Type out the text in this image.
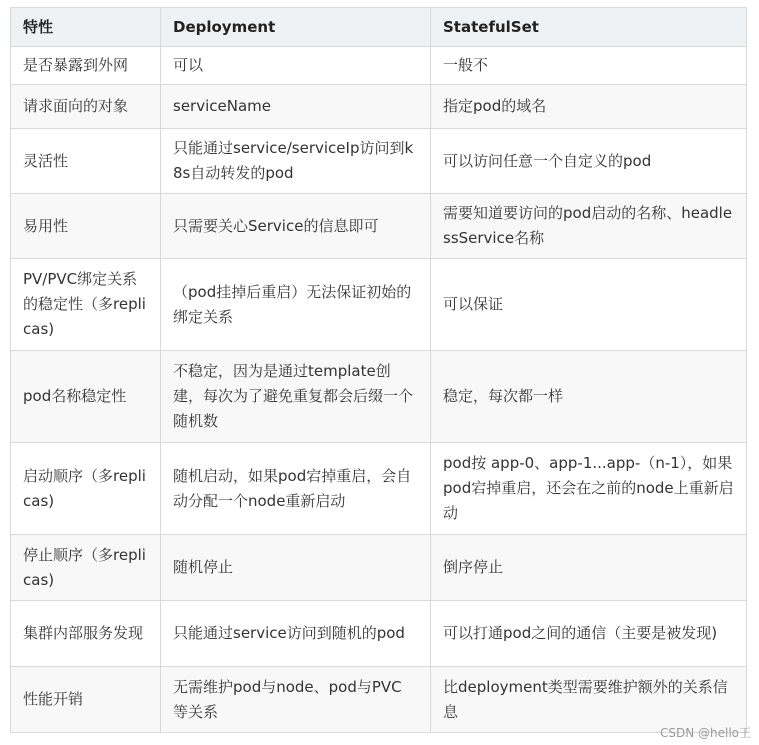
特性	Deployment	StatefulSet
是否暴露到外网	可以	一般不
请求面向的对象	serviceName	指定pod的域名
灵活性	只能通过service/serviceIp访问到k8s自动转发的pod	可以访问任意一个自定义的pod
易用性	只需要关心Service的信息即可	需要知道要访问的pod启动的名称、headlessService名称
PV/PVC绑定关系的稳定性（多replicas)	（pod挂掉后重启）无法保证初始的绑定关系	可以保证
pod名称稳定性	不稳定，因为是通过template创建，每次为了避免重复都会后缀一个随机数	稳定，每次都一样
启动顺序（多replicas)	随机启动，如果pod宕掉重启，会自动分配一个node重新启动	pod按 app-0、app-1...app-（n-1），如果pod宕掉重启，还会在之前的node上重新启动
停止顺序（多replicas)	随机停止	倒序停止
集群内部服务发现	只能通过service访问到随机的pod	可以打通pod之间的通信（主要是被发现)
性能开销	无需维护pod与node、pod与PVC 等关系	比deployment类型需要维护额外的关系信息
CSDN @hello王
